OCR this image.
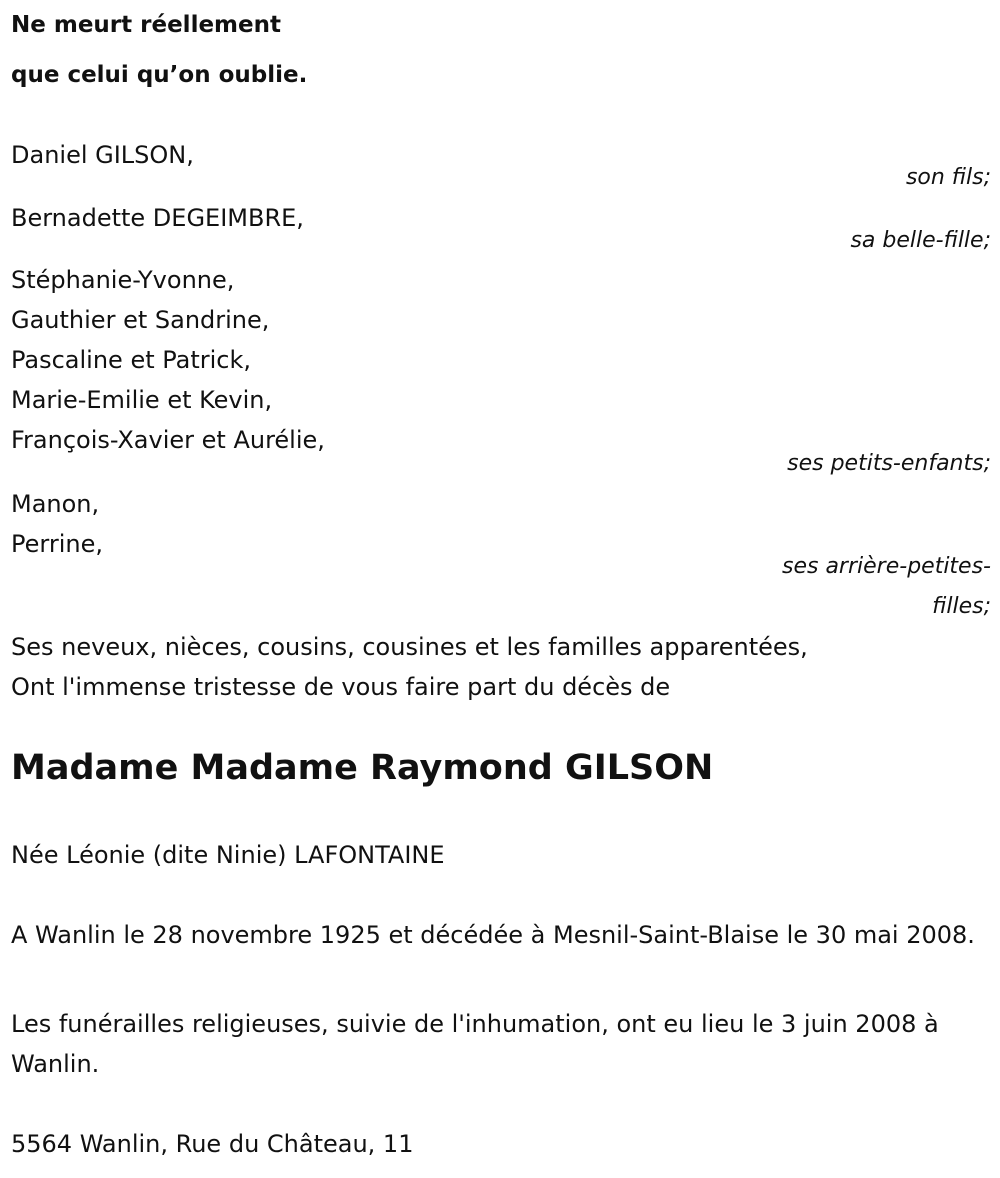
Ne meurt réellement
que celui qu’on oublie.
Daniel GILSON,
son fils;
Bernadette DEGEIMBRE,
sa belle-fille;
Stéphanie-Yvonne,
Gauthier et Sandrine,
Pascaline et Patrick,
Marie-Emilie et Kevin,
François-Xavier et Aurélie,
ses petits-enfants;
Manon,
Perrine,
ses arrière-petites-
filles;
Ses neveux, nièces, cousins, cousines et les familles apparentées,
Ont l'immense tristesse de vous faire part du décès de
Madame Madame Raymond GILSON
Née Léonie (dite Ninie) LAFONTAINE
A Wanlin le 28 novembre 1925 et décédée à Mesnil-Saint-Blaise le 30 mai 2008.
Les funérailles religieuses, suivie de l'inhumation, ont eu lieu le 3 juin 2008 à Wanlin.
5564 Wanlin, Rue du Château, 11
